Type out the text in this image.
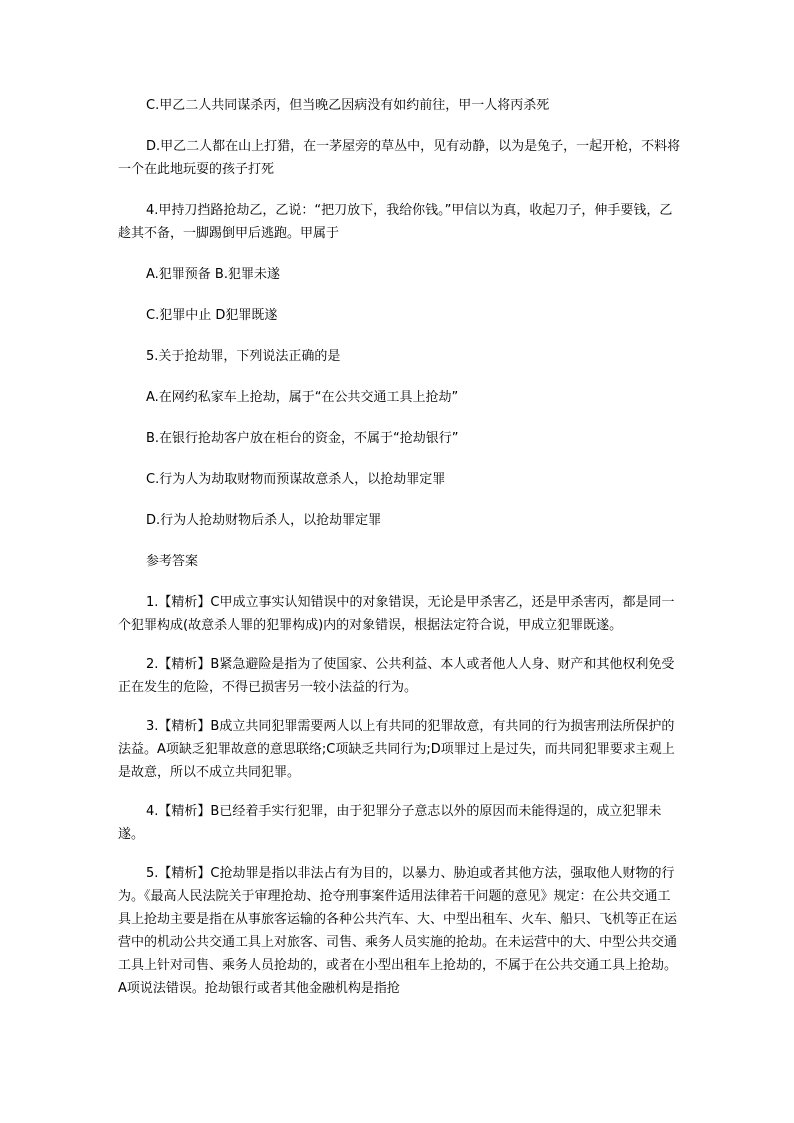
C.甲乙二人共同谋杀丙，但当晚乙因病没有如约前往，甲一人将丙杀死

D.甲乙二人都在山上打猎，在一茅屋旁的草丛中，见有动静，以为是兔子，一起开枪，不料将一个在此地玩耍的孩子打死

4.甲持刀挡路抢劫乙，乙说：“把刀放下，我给你钱。”甲信以为真，收起刀子，伸手要钱，乙趁其不备，一脚踢倒甲后逃跑。甲属于

A.犯罪预备 B.犯罪未遂

C.犯罪中止 D犯罪既遂

5.关于抢劫罪，下列说法正确的是

A.在网约私家车上抢劫，属于“在公共交通工具上抢劫”

B.在银行抢劫客户放在柜台的资金，不属于“抢劫银行”

C.行为人为劫取财物而预谋故意杀人，以抢劫罪定罪

D.行为人抢劫财物后杀人，以抢劫罪定罪

参考答案

1.【精析】C甲成立事实认知错误中的对象错误，无论是甲杀害乙，还是甲杀害丙，都是同一个犯罪构成(故意杀人罪的犯罪构成)内的对象错误，根据法定符合说，甲成立犯罪既遂。

2.【精析】B紧急避险是指为了使国家、公共利益、本人或者他人人身、财产和其他权利免受正在发生的危险，不得已损害另一较小法益的行为。

3.【精析】B成立共同犯罪需要两人以上有共同的犯罪故意，有共同的行为损害刑法所保护的法益。A项缺乏犯罪故意的意思联络;C项缺乏共同行为;D项罪过上是过失，而共同犯罪要求主观上是故意，所以不成立共同犯罪。

4.【精析】B已经着手实行犯罪，由于犯罪分子意志以外的原因而未能得逞的，成立犯罪未遂。

5.【精析】C抢劫罪是指以非法占有为目的，以暴力、胁迫或者其他方法，强取他人财物的行为。《最高人民法院关于审理抢劫、抢夺刑事案件适用法律若干问题的意见》规定：在公共交通工具上抢劫主要是指在从事旅客运输的各种公共汽车、大、中型出租车、火车、船只、飞机等正在运营中的机动公共交通工具上对旅客、司售、乘务人员实施的抢劫。在未运营中的大、中型公共交通工具上针对司售、乘务人员抢劫的，或者在小型出租车上抢劫的，不属于在公共交通工具上抢劫。A项说法错误。抢劫银行或者其他金融机构是指抢
